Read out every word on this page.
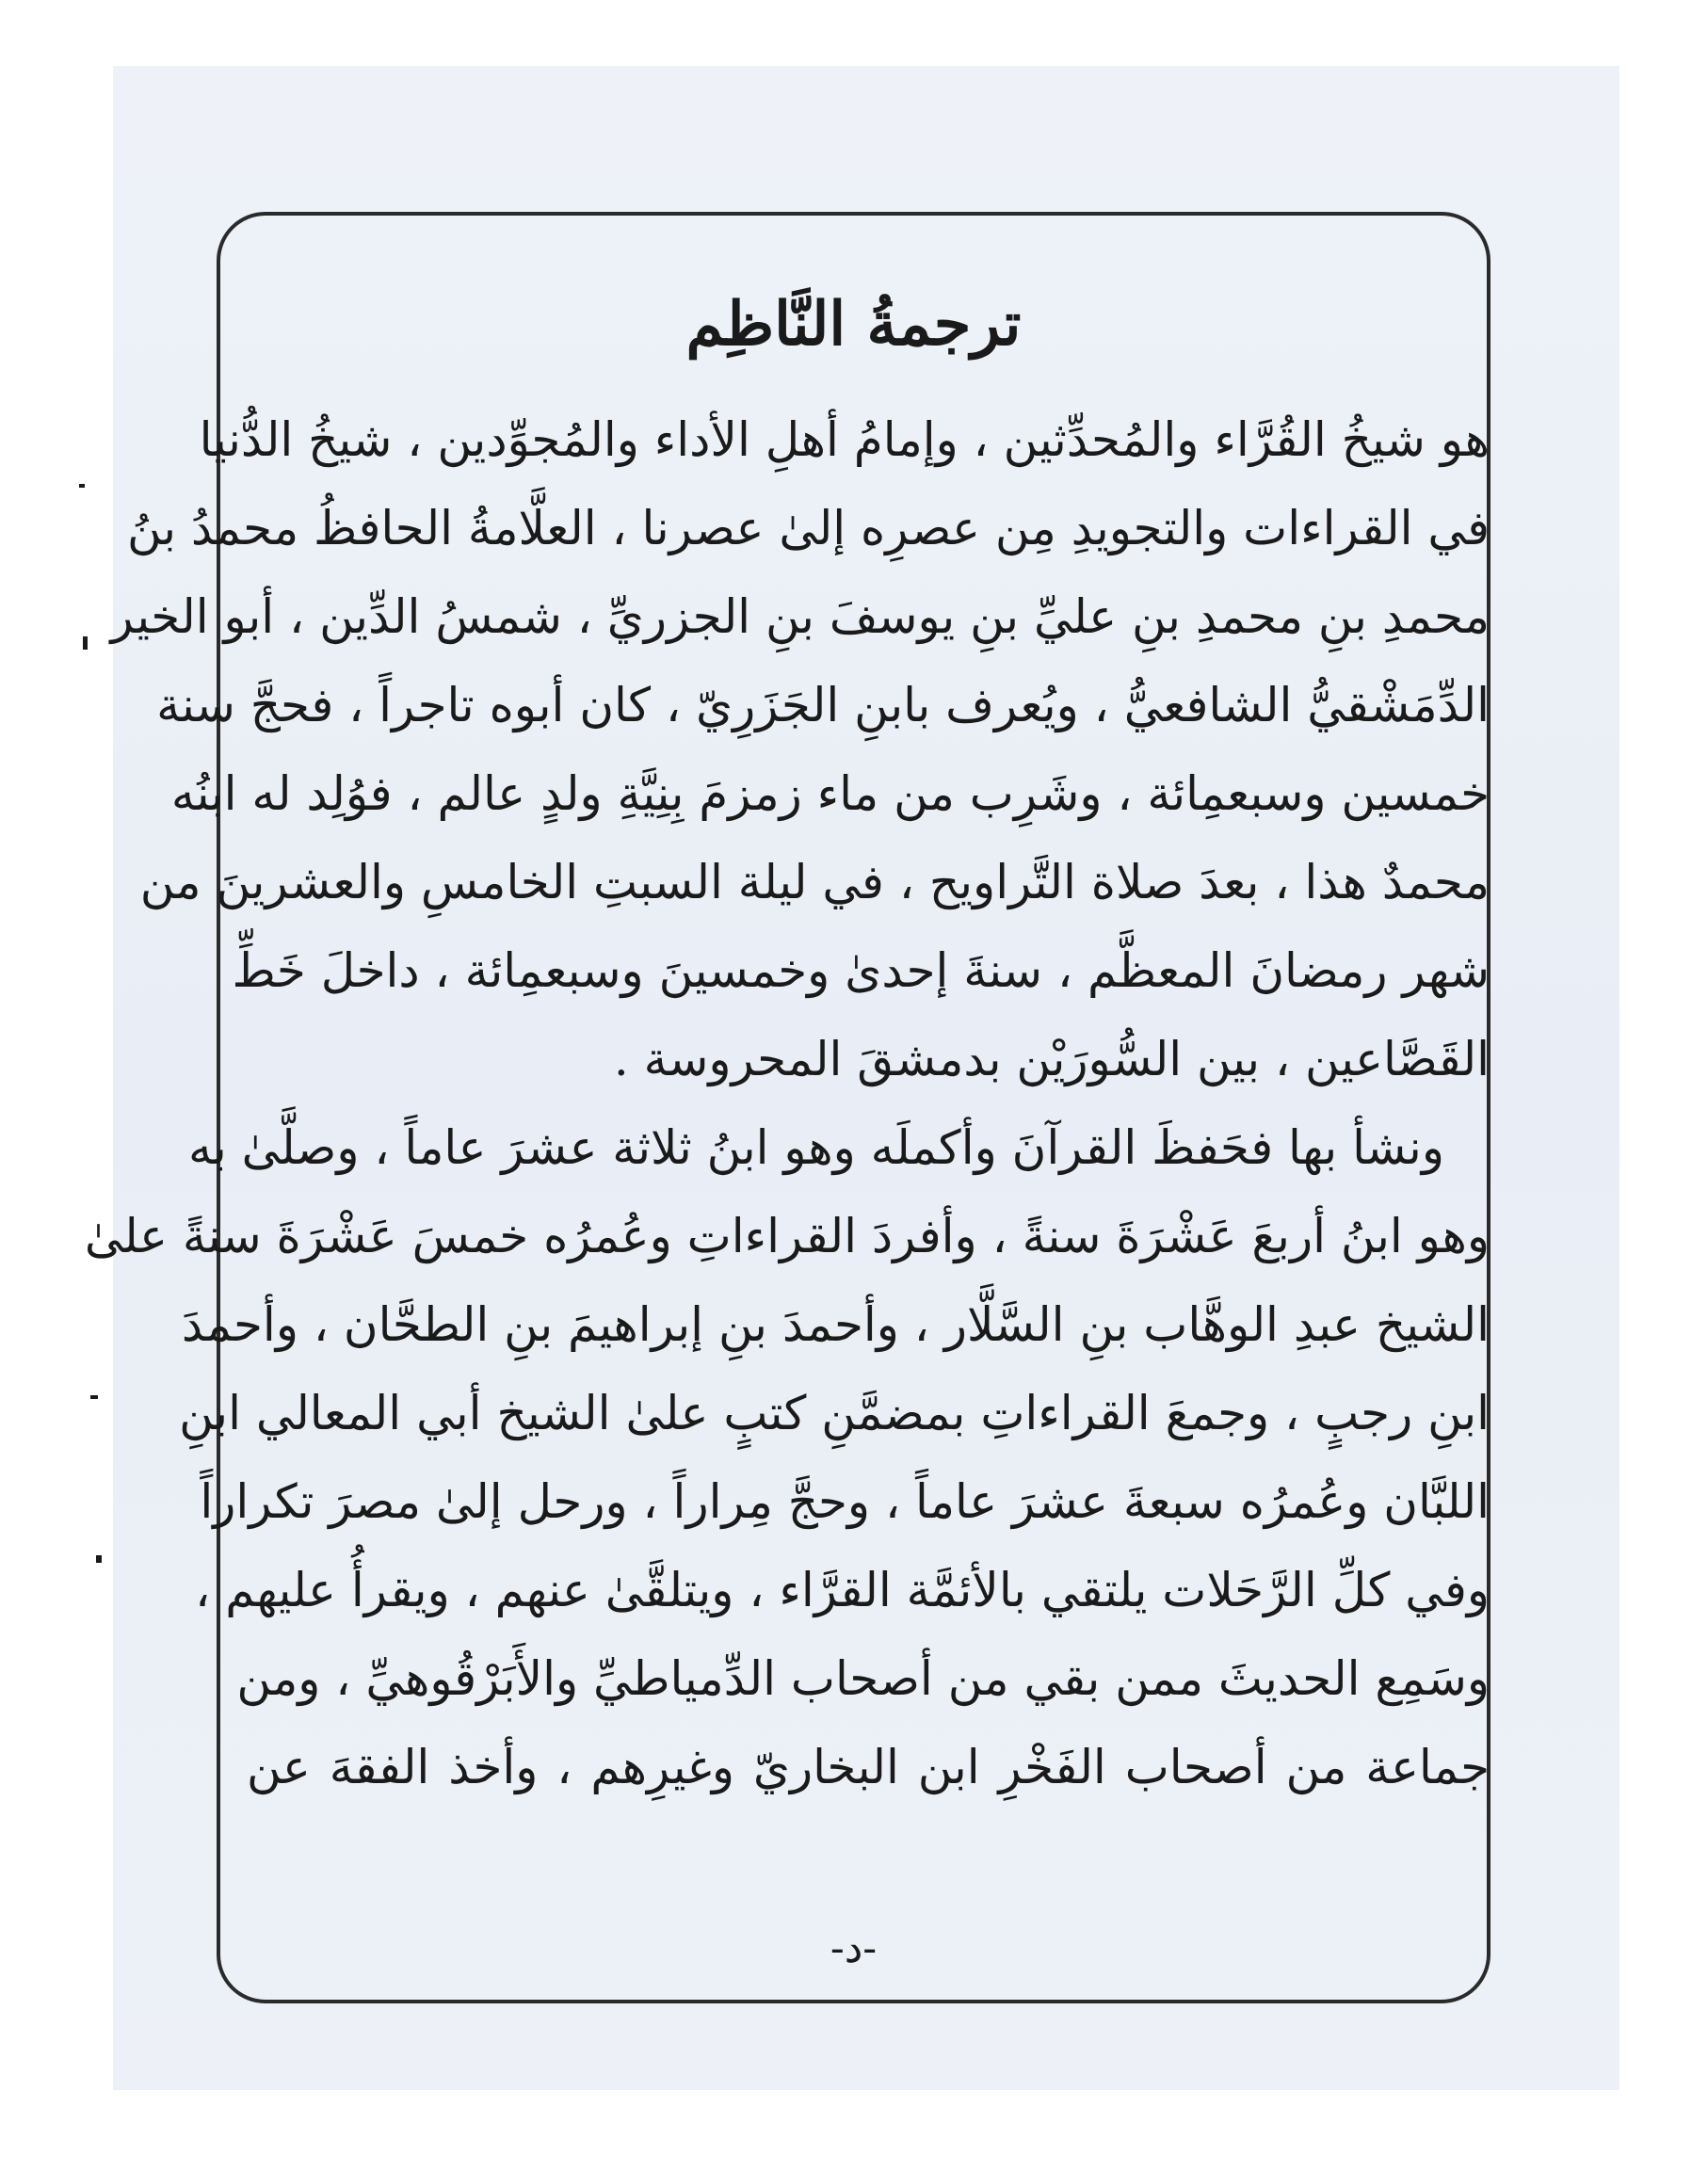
ترجمةُ النَّاظِم
هو شيخُ القُرَّاء والمُحدِّثين ، وإمامُ أهلِ الأداء والمُجوِّدين ، شيخُ الدُّنيا
في القراءات والتجويدِ مِن عصرِه إلىٰ عصرنا ، العلَّامةُ الحافظُ محمدُ بنُ
محمدِ بنِ محمدِ بنِ عليِّ بنِ يوسفَ بنِ الجزريِّ ، شمسُ الدِّين ، أبو الخير
الدِّمَشْقيُّ الشافعيُّ ، ويُعرف بابنِ الجَزَرِيّ ، كان أبوه تاجراً ، فحجَّ سنة
خمسين وسبعمِائة ، وشَرِب من ماء زمزمَ بِنِيَّةِ ولدٍ عالم ، فوُلِد له ابنُه
محمدٌ هذا ، بعدَ صلاة التَّراويح ، في ليلة السبتِ الخامسِ والعشرينَ من
شهر رمضانَ المعظَّم ، سنةَ إحدىٰ وخمسينَ وسبعمِائة ، داخلَ خَطِّ
القَصَّاعين ، بين السُّورَيْن بدمشقَ المحروسة .
ونشأ بها فحَفظَ القرآنَ وأكملَه وهو ابنُ ثلاثة عشرَ عاماً ، وصلَّىٰ به
وهو ابنُ أربعَ عَشْرَةَ سنةً ، وأفردَ القراءاتِ وعُمرُه خمسَ عَشْرَةَ سنةً علىٰ
الشيخ عبدِ الوهَّاب بنِ السَّلَّار ، وأحمدَ بنِ إبراهيمَ بنِ الطحَّان ، وأحمدَ
ابنِ رجبٍ ، وجمعَ القراءاتِ بمضمَّنِ كتبٍ علىٰ الشيخ أبي المعالي ابنِ
اللبَّان وعُمرُه سبعةَ عشرَ عاماً ، وحجَّ مِراراً ، ورحل إلىٰ مصرَ تكراراً
وفي كلِّ الرَّحَلات يلتقي بالأئمَّة القرَّاء ، ويتلقَّىٰ عنهم ، ويقرأُ عليهم ،
وسَمِع الحديثَ ممن بقي من أصحاب الدِّمياطيِّ والأَبَرْقُوهيِّ ، ومن
جماعة من أصحاب الفَخْرِ ابن البخاريّ وغيرِهم ، وأخذ الفقهَ عن
-د-
